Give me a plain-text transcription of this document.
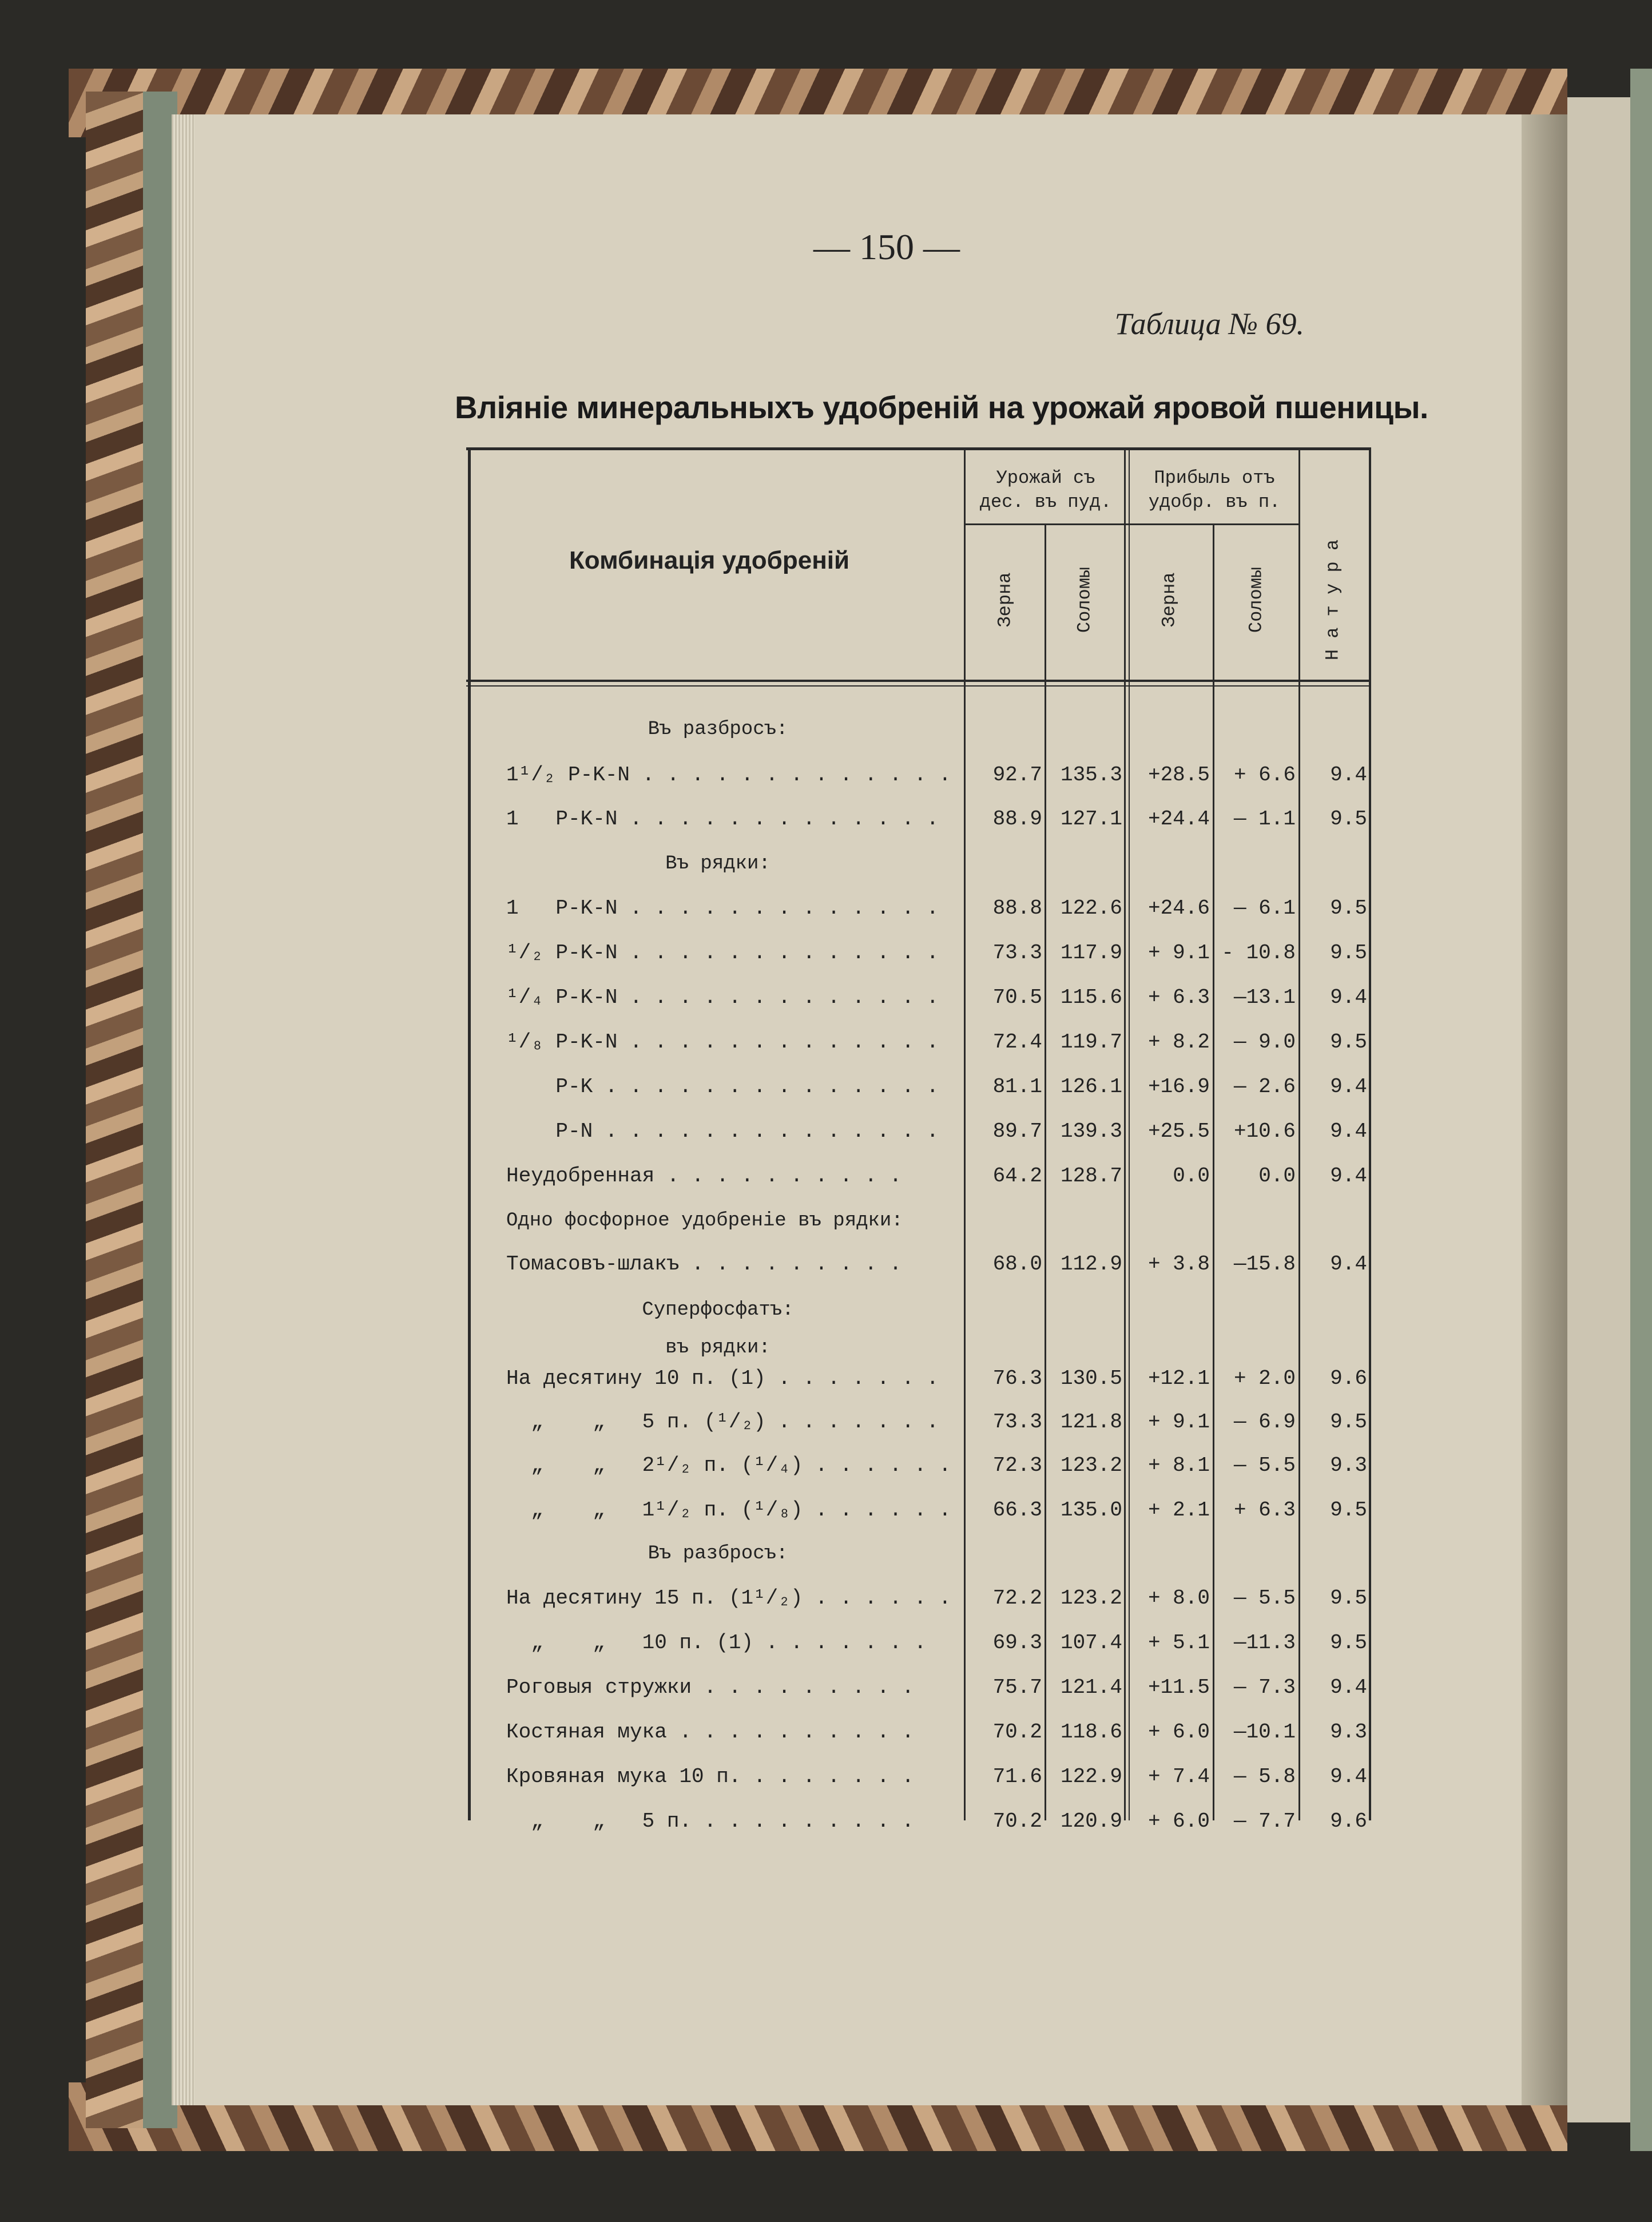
— 150 —
Таблица № 69.
Вліяніе минеральныхъ удобреній на урожай яровой пшеницы.
Комбинація удобреній
Урожай съ
дес. въ пуд.
Прибыль отъ
удобр. въ п.
Зерна	Соломы	Зерна	Соломы	Н а т у р а
Въ разбросъ:
1¹/₂ P-K-N . . . . . . . . . . . . .	92.7 135.3	+28.5	+ 6.6	9.4
1   P-K-N . . . . . . . . . . . . .	88.9 127.1	+24.4	— 1.1	9.5
Въ рядки:
1   P-K-N . . . . . . . . . . . . .	88.8 122.6	+24.6	— 6.1	9.5
¹/₂ P-K-N . . . . . . . . . . . . .	73.3 117.9	+ 9.1 - 10.8	9.5
¹/₄ P-K-N . . . . . . . . . . . . .	70.5 115.6	+ 6.3	—13.1	9.4
¹/₈ P-K-N . . . . . . . . . . . . .	72.4 119.7	+ 8.2	— 9.0	9.5
P-K . . . . . . . . . . . . . .	81.1 126.1	+16.9	— 2.6	9.4
P-N . . . . . . . . . . . . . .	89.7 139.3	+25.5	+10.6	9.4
Неудобренная . . . . . . . . . .	64.2 128.7	0.0	0.0	9.4
Одно фосфорное удобреніе въ рядки:
Томасовъ-шлакъ . . . . . . . . .	68.0 112.9	+ 3.8	—15.8	9.4
Суперфосфатъ:
въ рядки:
На десятину 10 п. (1) . . . . . . .	76.3 130.5	+12.1	+ 2.0	9.6
„    „   5 п. (¹/₂) . . . . . . .	73.3 121.8	+ 9.1	— 6.9	9.5
„    „   2¹/₂ п. (¹/₄) . . . . . .	72.3 123.2	+ 8.1	— 5.5	9.3
„    „   1¹/₂ п. (¹/₈) . . . . . .	66.3 135.0	+ 2.1	+ 6.3	9.5
Въ разбросъ:
На десятину 15 п. (1¹/₂) . . . . . .	72.2 123.2	+ 8.0	— 5.5	9.5
„    „   10 п. (1) . . . . . . .	69.3 107.4	+ 5.1	—11.3	9.5
Роговыя стружки . . . . . . . . .	75.7 121.4	+11.5	— 7.3	9.4
Костяная мука . . . . . . . . . .	70.2 118.6	+ 6.0	—10.1	9.3
Кровяная мука 10 п. . . . . . . .	71.6 122.9	+ 7.4	— 5.8	9.4
„    „   5 п. . . . . . . . . .	70.2 120.9	+ 6.0	— 7.7	9.6
